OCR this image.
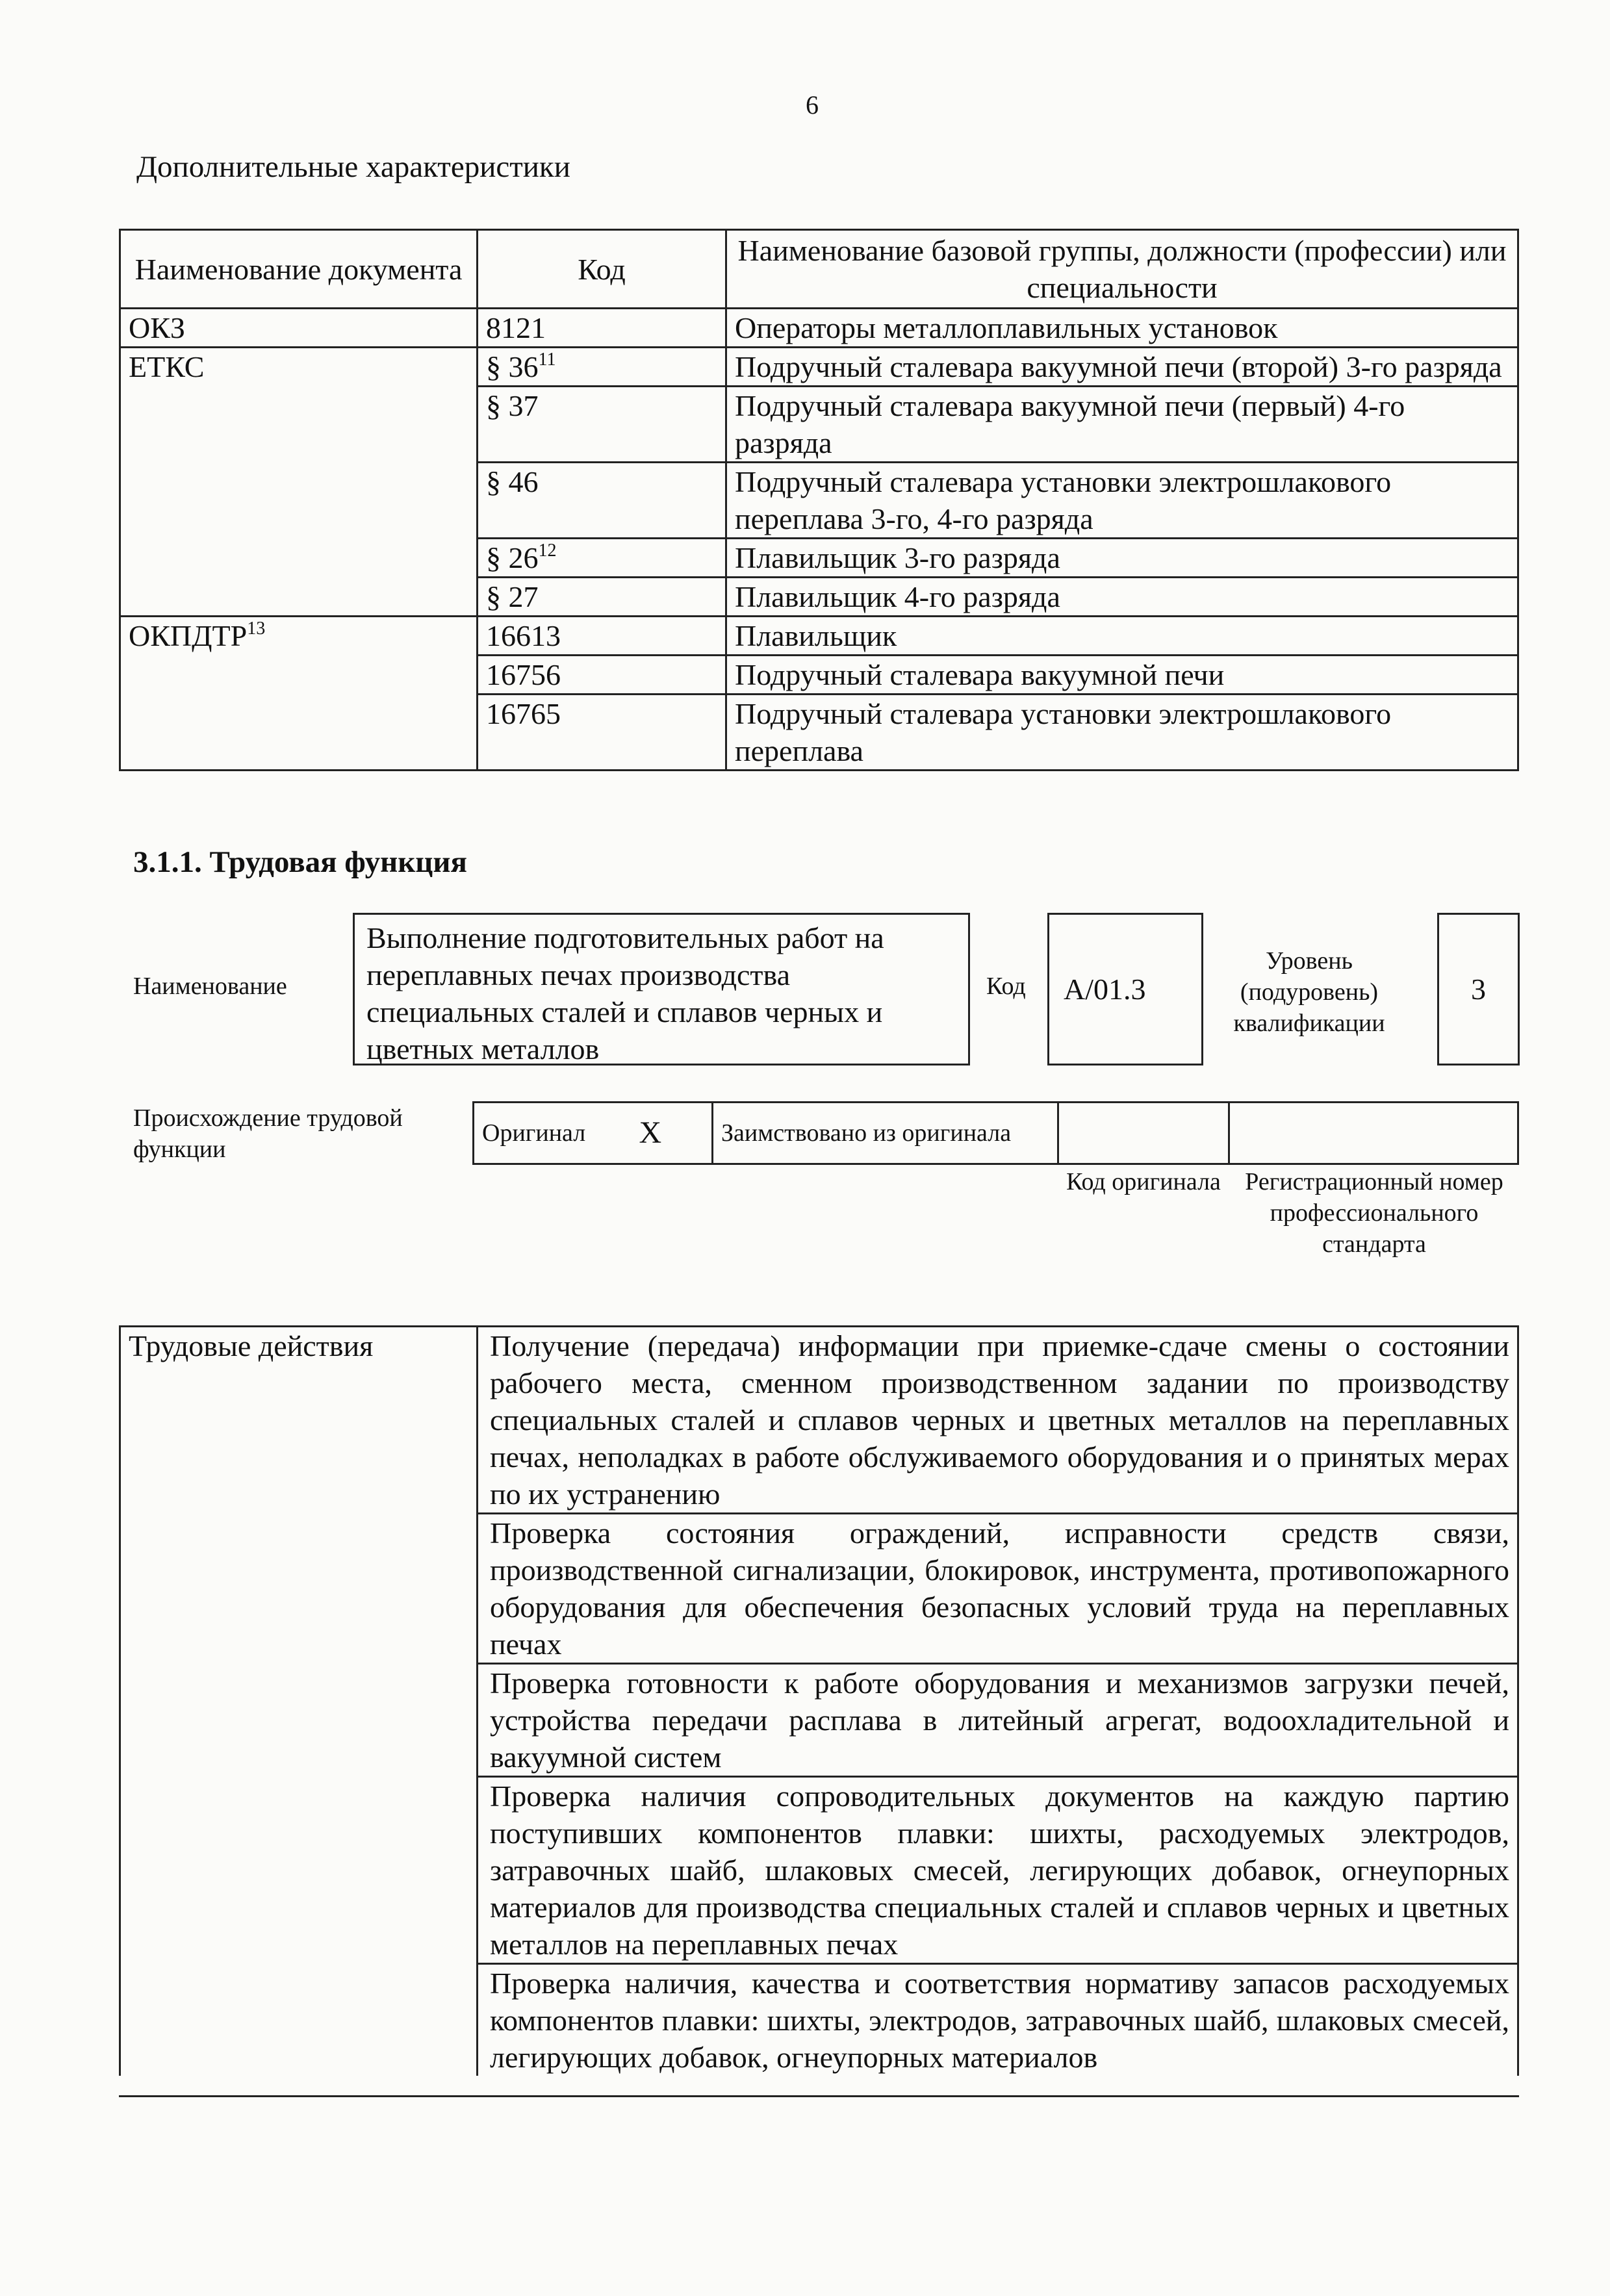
6
Дополнительные характеристики
Наименование документа	Код	Наименование базовой группы, должности (профессии) или специальности
ОКЗ	8121	Операторы металлоплавильных установок
ЕТКС	§ $36^{11}$	Подручный сталевара вакуумной печи (второй) 3-го разряда
	§ 37	Подручный сталевара вакуумной печи (первый) 4-го разряда
	§ 46	Подручный сталевара установки электрошлакового переплава 3-го, 4-го разряда
	§ $26^{12}$	Плавильщик 3-го разряда
	§ 27	Плавильщик 4-го разряда
ОКПДТР$^{13}$	16613	Плавильщик
	16756	Подручный сталевара вакуумной печи
	16765	Подручный сталевара установки электрошлакового переплава
3.1.1. Трудовая функция
Наименование
Выполнение подготовительных работ на переплавных печах производства специальных сталей и сплавов черных и цветных металлов
Код	А/01.3
Уровень (подуровень) квалификации
3
Происхождение трудовой функции
Оригинал	X	Заимствовано из оригинала		
Код оригинала Регистрационный номер профессионального стандарта
Трудовые действия	Получение (передача) информации при приемке-сдаче смены о состоянии рабочего места, сменном производственном задании по производству специальных сталей и сплавов черных и цветных металлов на переплавных печах, неполадках в работе обслуживаемого оборудования и о принятых мерах по их устранению
	Проверка состояния ограждений, исправности средств связи, производственной сигнализации, блокировок, инструмента, противопожарного оборудования для обеспечения безопасных условий труда на переплавных печах
	Проверка готовности к работе оборудования и механизмов загрузки печей, устройства передачи расплава в литейный агрегат, водоохладительной и вакуумной систем
	Проверка наличия сопроводительных документов на каждую партию поступивших компонентов плавки: шихты, расходуемых электродов, затравочных шайб, шлаковых смесей, легирующих добавок, огнеупорных материалов для производства специальных сталей и сплавов черных и цветных металлов на переплавных печах
	Проверка наличия, качества и соответствия нормативу запасов расходуемых компонентов плавки: шихты, электродов, затравочных шайб, шлаковых смесей, легирующих добавок, огнеупорных материалов
